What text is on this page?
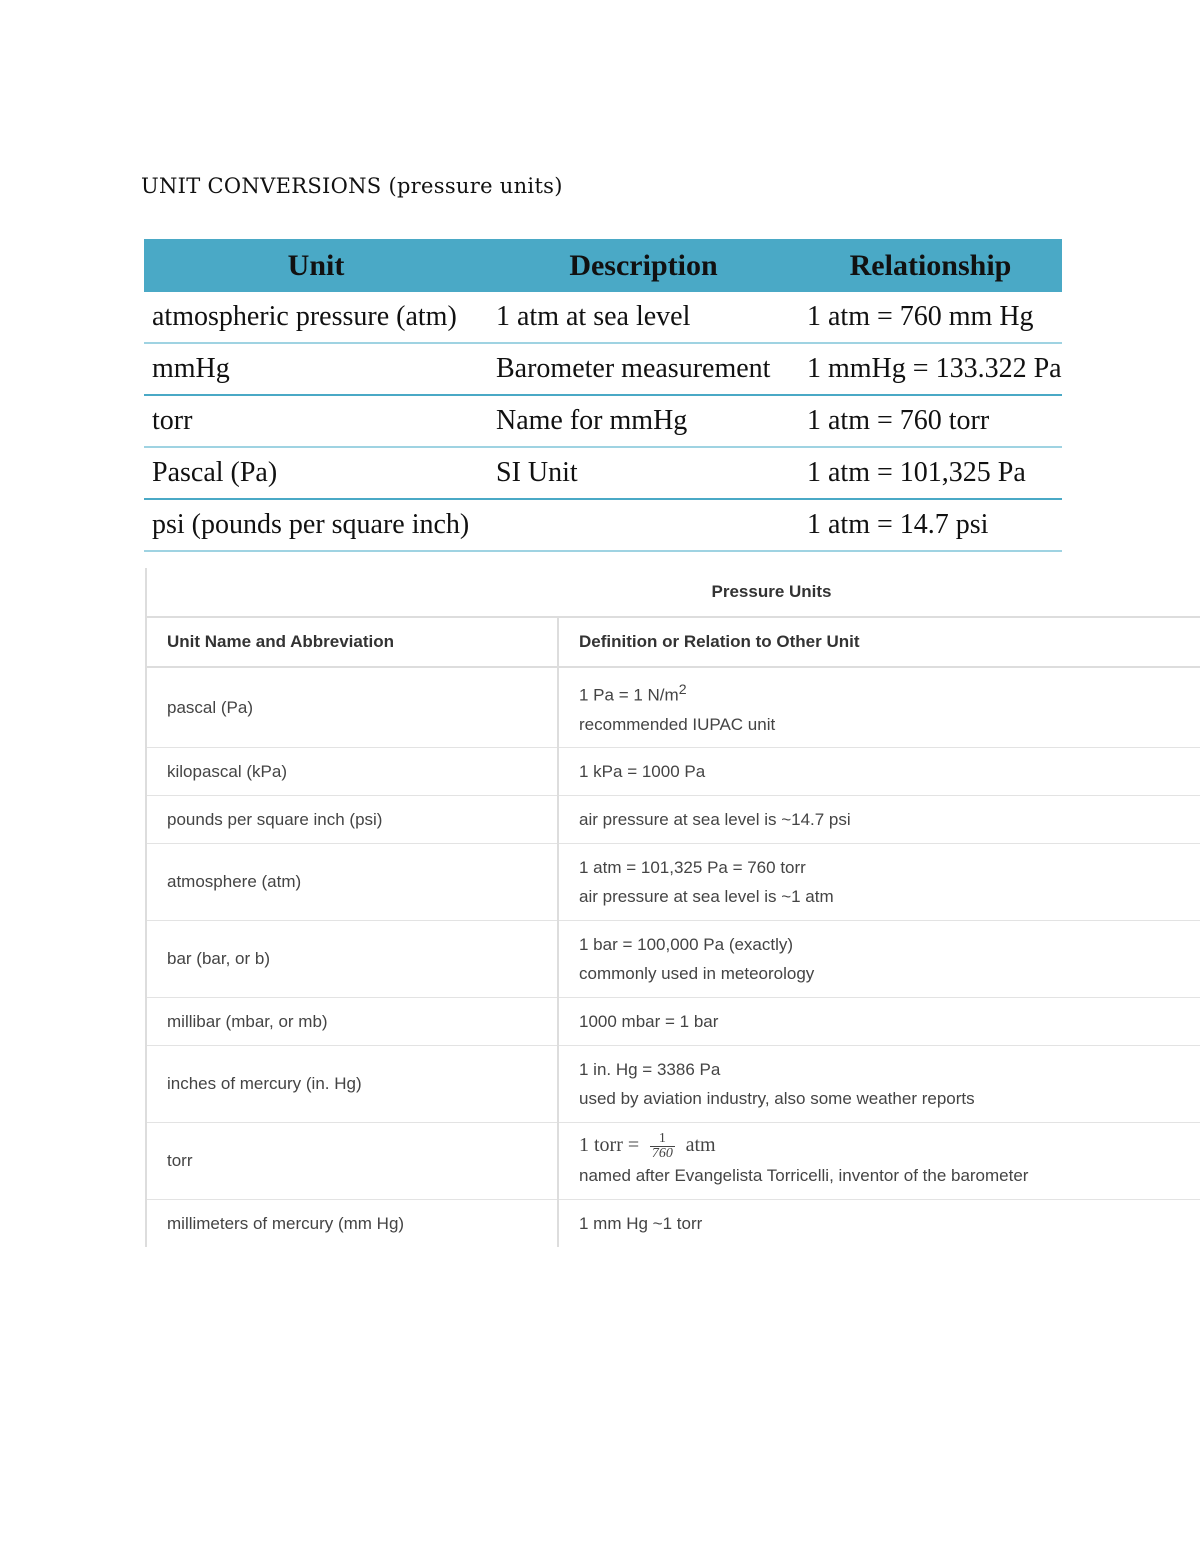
UNIT CONVERSIONS (pressure units)
Unit	Description	Relationship
atmospheric pressure (atm)	1 atm at sea level	1 atm = 760 mm Hg
mmHg	Barometer measurement	1 mmHg = 133.322 Pa
torr	Name for mmHg	1 atm = 760 torr
Pascal (Pa)	SI Unit	1 atm = 101,325 Pa
psi (pounds per square inch)		1 atm = 14.7 psi
Pressure Units	
Unit Name and Abbreviation	Definition or Relation to Other Unit
pascal (Pa)	1 Pa = 1 $N/m^2$
recommended IUPAC unit

kilopascal (kPa)	1 kPa = 1000 Pa
pounds per square inch (psi)	air pressure at sea level is ~14.7 psi
atmosphere (atm)	1 atm = 101,325 Pa = 760 torr
air pressure at sea level is ~1 atm

bar (bar, or b)	1 bar = 100,000 Pa (exactly)
commonly used in meteorology

millibar (mbar, or mb)	1000 mbar = 1 bar
inches of mercury (in. Hg)	1 in. Hg = 3386 Pa
used by aviation industry, also some weather reports

torr	1 torr = $\frac{1}{760}$ atm
named after Evangelista Torricelli, inventor of the barometer

millimeters of mercury (mm Hg)	1 mm Hg ~1 torr
